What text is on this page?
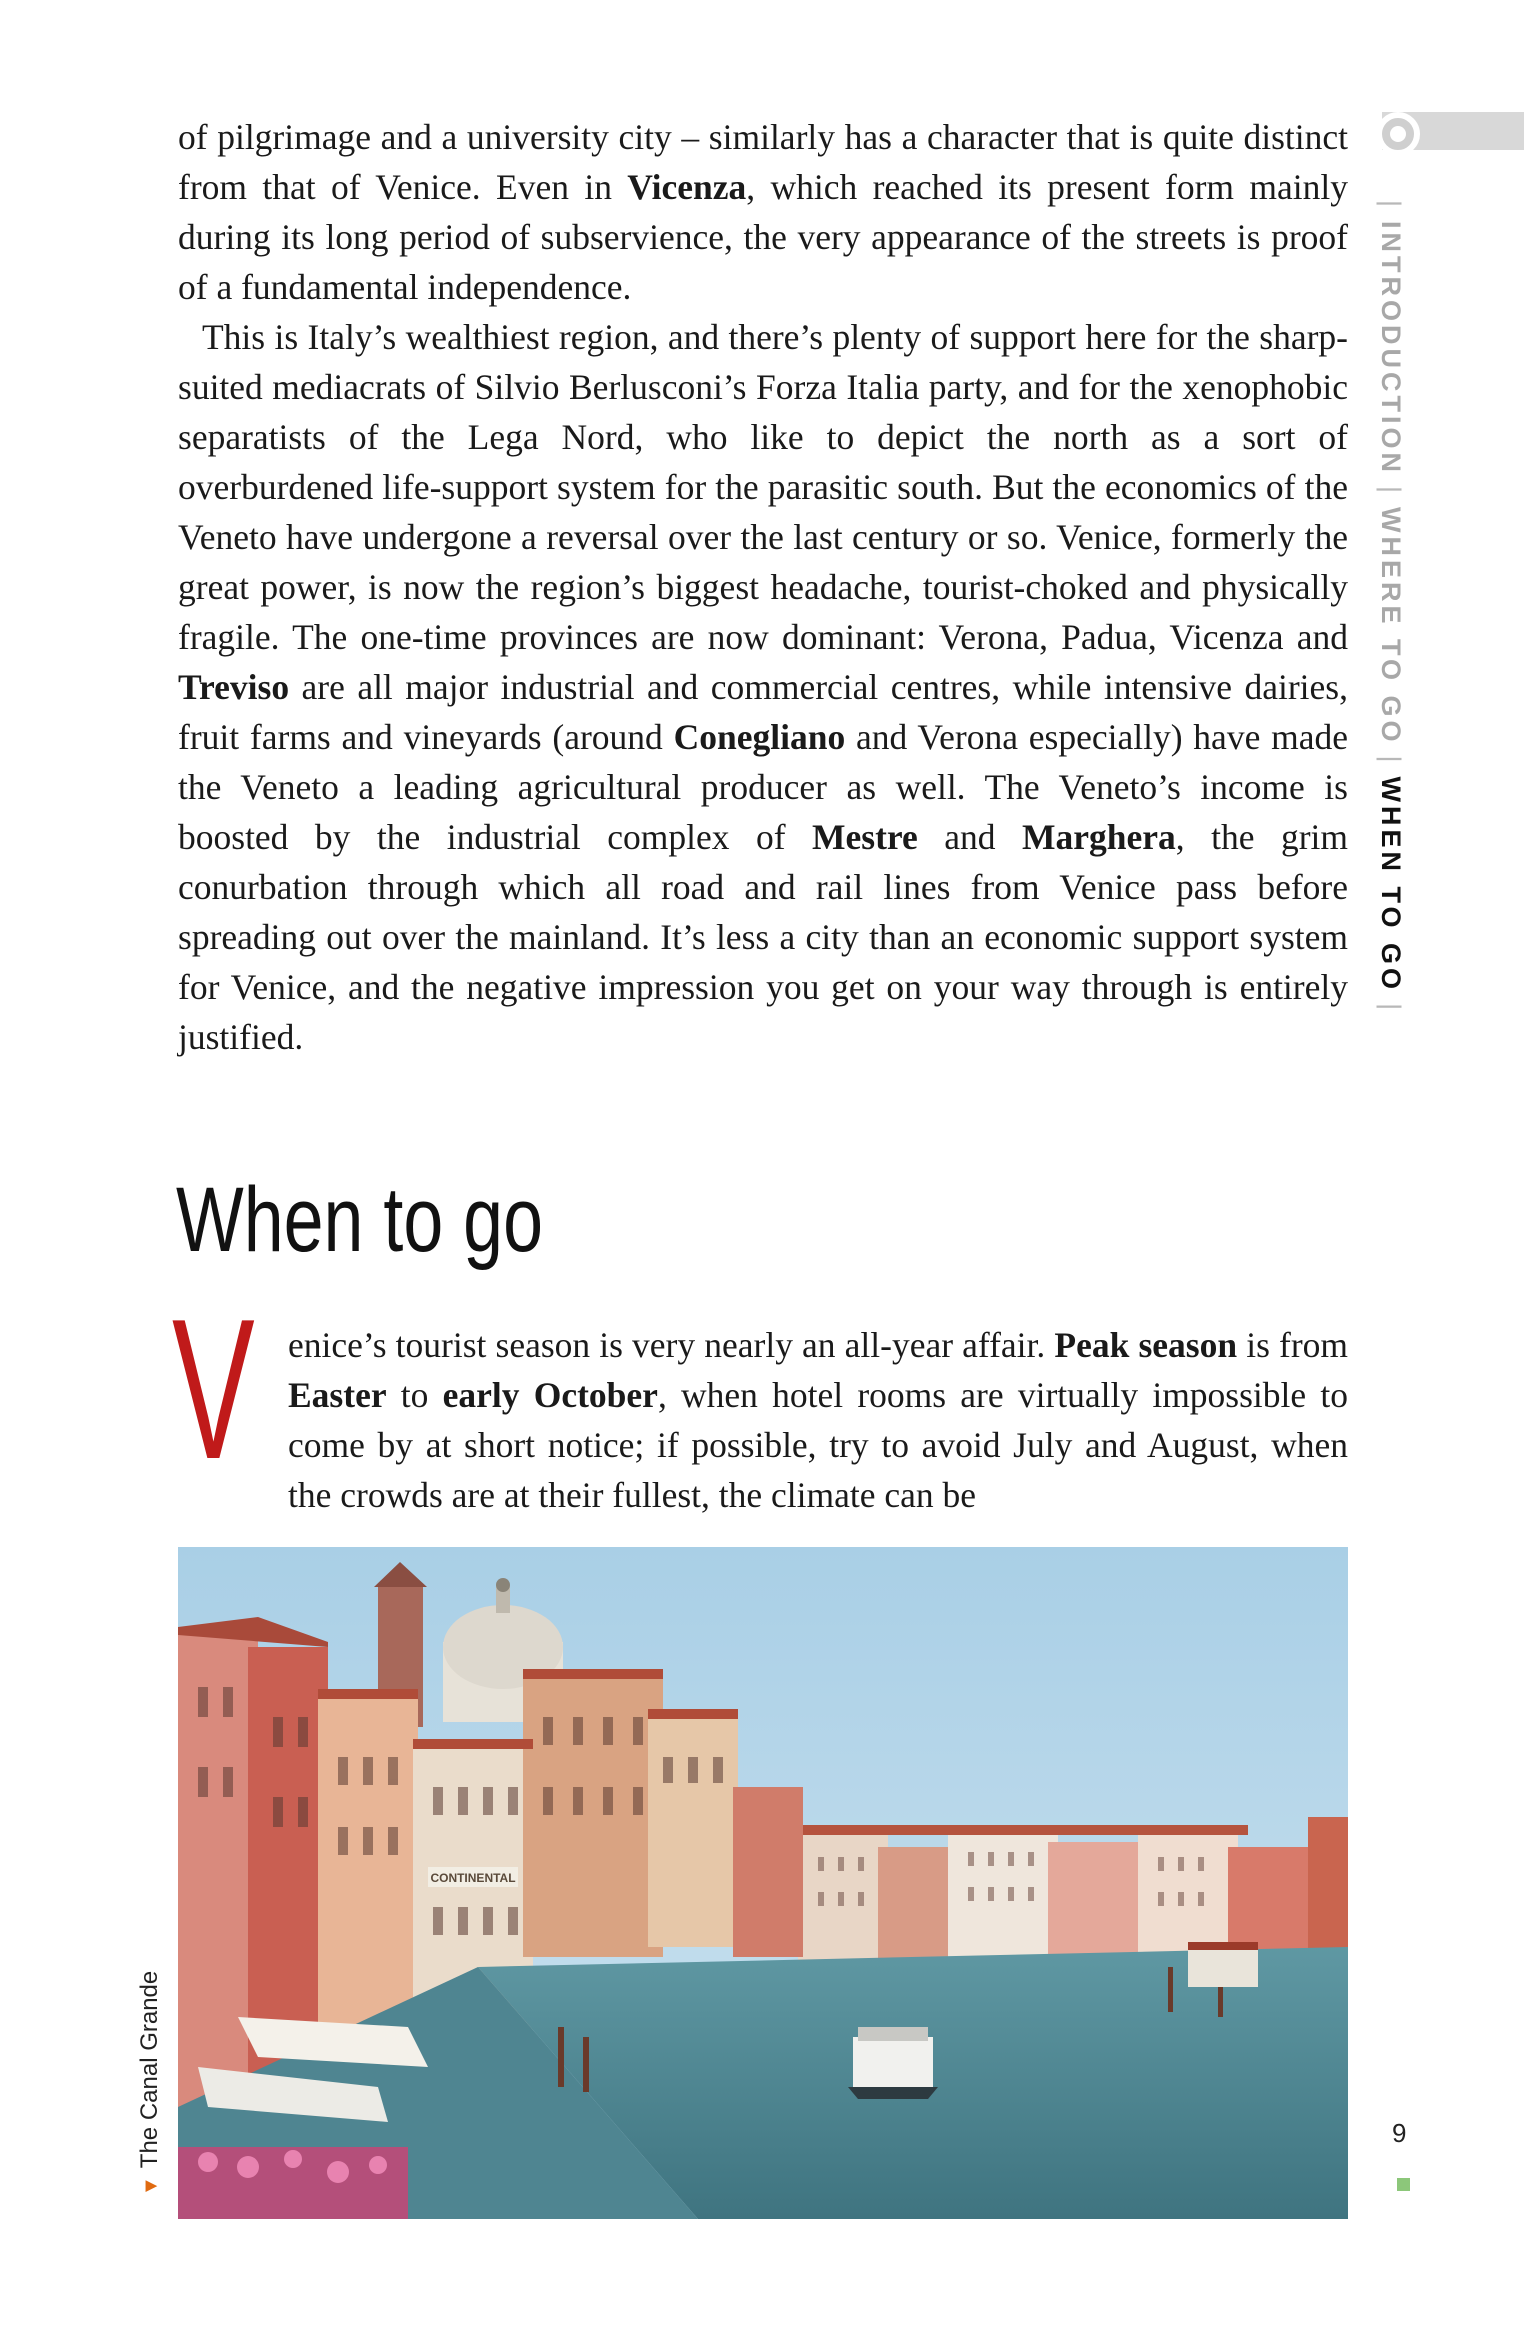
of pilgrimage and a university city – similarly has a character that is quite distinct from that of Venice. Even in Vicenza, which reached its present form mainly during its long period of subservience, the very appearance of the streets is proof of a fundamental independence.

This is Italy’s wealthiest region, and there’s plenty of support here for the sharp-suited mediacrats of Silvio Berlusconi’s Forza Italia party, and for the xenophobic separatists of the Lega Nord, who like to depict the north as a sort of overburdened life-support system for the parasitic south. But the economics of the Veneto have undergone a reversal over the last century or so. Venice, formerly the great power, is now the region’s biggest headache, tourist-choked and physically fragile. The one-time provinces are now dominant: Verona, Padua, Vicenza and Treviso are all major industrial and commercial centres, while intensive dairies, fruit farms and vineyards (around Conegliano and Verona especially) have made the Veneto a leading agricultural producer as well. The Veneto’s income is boosted by the industrial complex of Mestre and Marghera, the grim conurbation through which all road and rail lines from Venice pass before spreading out over the mainland. It’s less a city than an economic support system for Venice, and the negative impression you get on your way through is entirely justified.

When to go
V enice’s tourist season is very nearly an all-year affair. Peak season is from Easter to early October, when hotel rooms are virtually impossible to come by at short notice; if possible, try to avoid July and August, when the crowds are at their fullest, the climate can be

CONTINENTAL
▼The Canal Grande
|INTRODUCTION|WHERE TO GO|WHEN TO GO|
9
